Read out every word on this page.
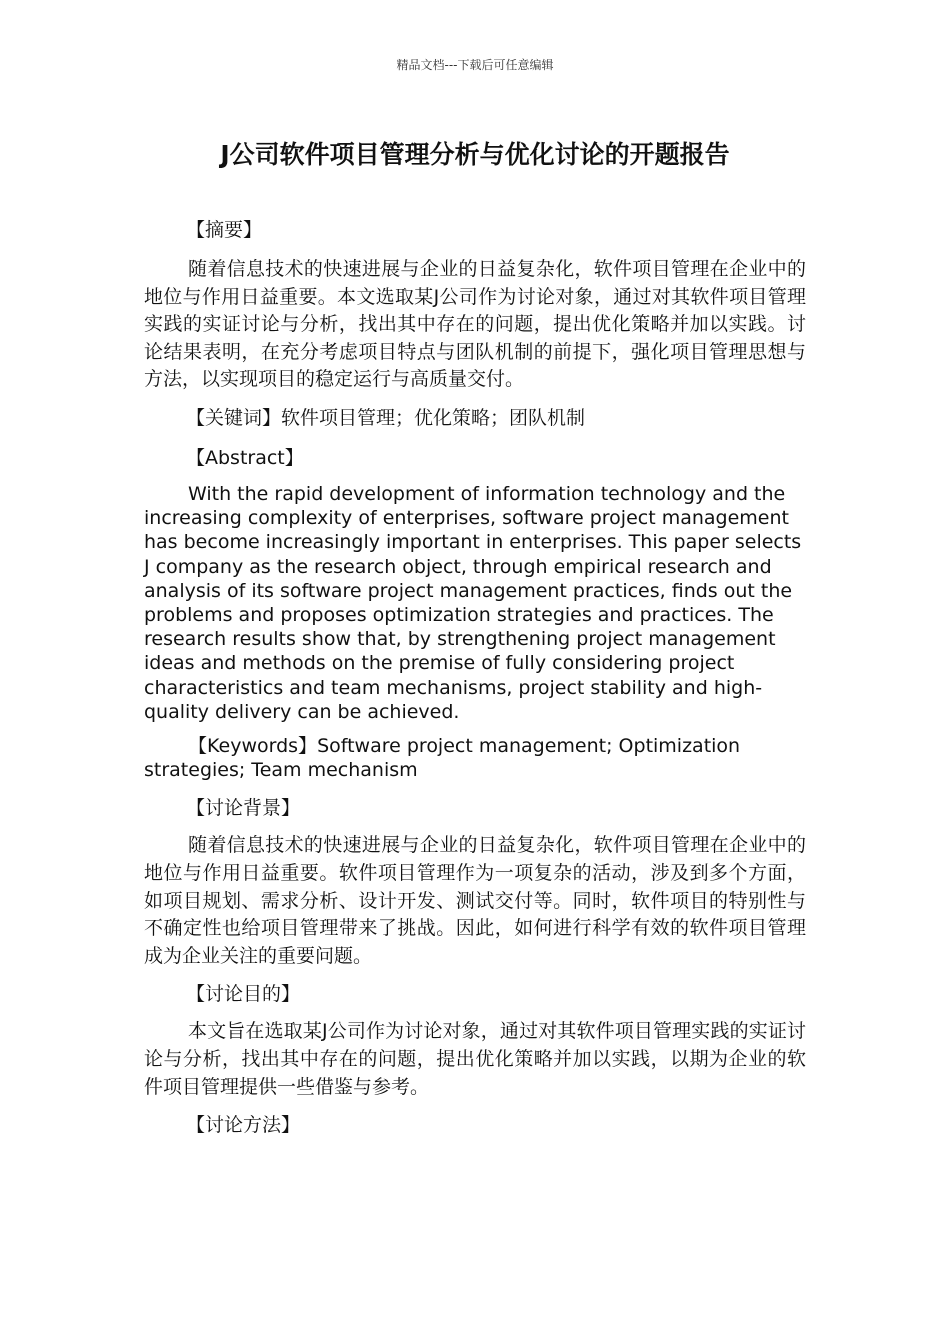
精品文档---下载后可任意编辑
J公司软件项目管理分析与优化讨论的开题报告

【摘要】

随着信息技术的快速进展与企业的日益复杂化，软件项目管理在企业中的地位与作用日益重要。本文选取某J公司作为讨论对象，通过对其软件项目管理实践的实证讨论与分析，找出其中存在的问题，提出优化策略并加以实践。讨论结果表明，在充分考虑项目特点与团队机制的前提下，强化项目管理思想与方法，以实现项目的稳定运行与高质量交付。

【关键词】软件项目管理；优化策略；团队机制

【Abstract】

With the rapid development of information technology and the increasing complexity of enterprises, software project management has become increasingly important in enterprises. This paper selects J company as the research object, through empirical research and analysis of its software project management practices, finds out the problems and proposes optimization strategies and practices. The research results show that, by strengthening project management ideas and methods on the premise of fully considering project characteristics and team mechanisms, project stability and high-quality delivery can be achieved.

【Keywords】Software project management; Optimization strategies; Team mechanism

【讨论背景】

随着信息技术的快速进展与企业的日益复杂化，软件项目管理在企业中的地位与作用日益重要。软件项目管理作为一项复杂的活动，涉及到多个方面，如项目规划、需求分析、设计开发、测试交付等。同时，软件项目的特别性与不确定性也给项目管理带来了挑战。因此，如何进行科学有效的软件项目管理成为企业关注的重要问题。

【讨论目的】

本文旨在选取某J公司作为讨论对象，通过对其软件项目管理实践的实证讨论与分析，找出其中存在的问题，提出优化策略并加以实践，以期为企业的软件项目管理提供一些借鉴与参考。

【讨论方法】
